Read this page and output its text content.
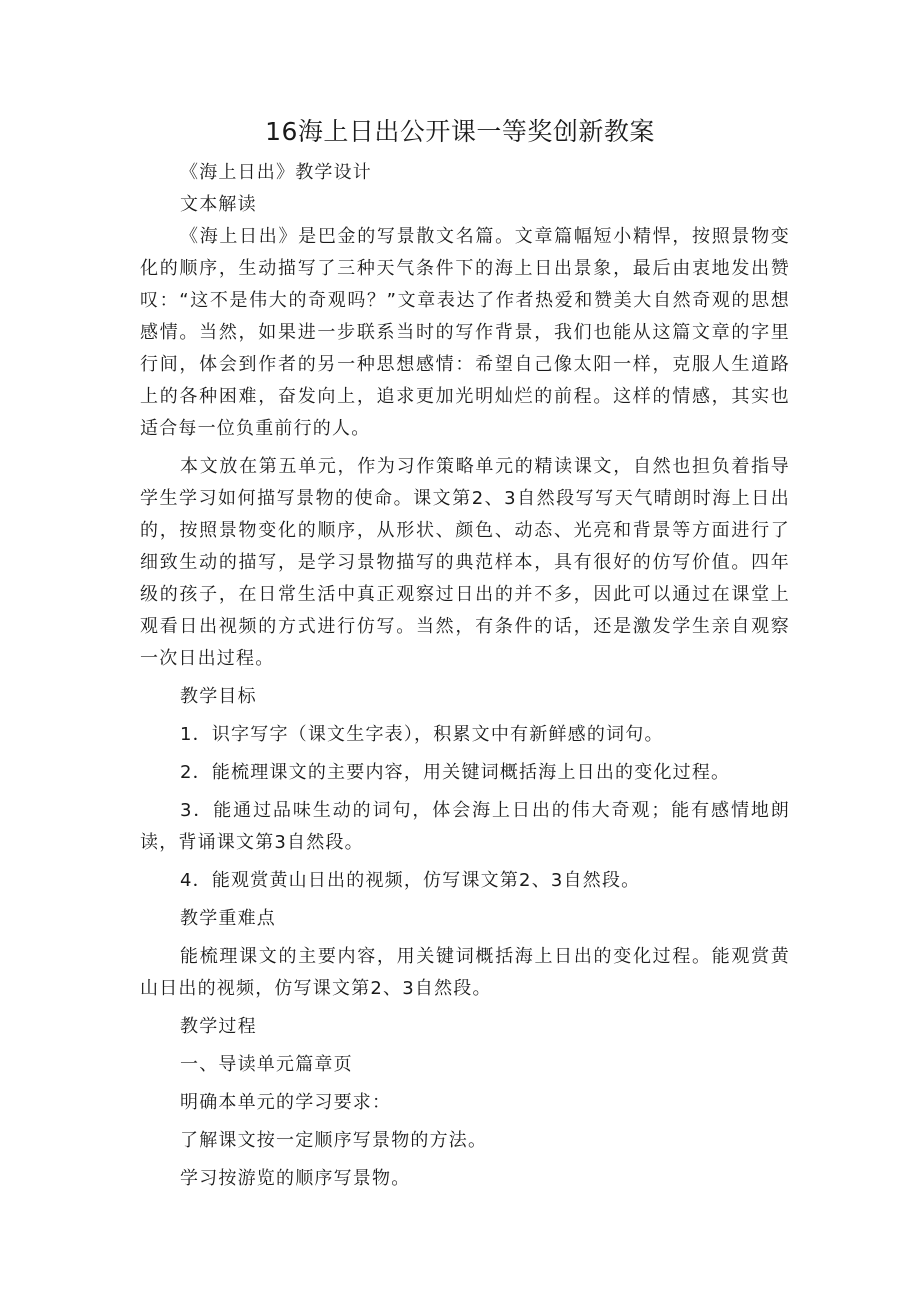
16海上日出公开课一等奖创新教案

《海上日出》教学设计

文本解读

《海上日出》是巴金的写景散文名篇。文章篇幅短小精悍，按照景物变化的顺序，生动描写了三种天气条件下的海上日出景象，最后由衷地发出赞叹：“这不是伟大的奇观吗？”文章表达了作者热爱和赞美大自然奇观的思想感情。当然，如果进一步联系当时的写作背景，我们也能从这篇文章的字里行间，体会到作者的另一种思想感情：希望自己像太阳一样，克服人生道路上的各种困难，奋发向上，追求更加光明灿烂的前程。这样的情感，其实也适合每一位负重前行的人。

本文放在第五单元，作为习作策略单元的精读课文，自然也担负着指导学生学习如何描写景物的使命。课文第2、3自然段写写天气晴朗时海上日出的，按照景物变化的顺序，从形状、颜色、动态、光亮和背景等方面进行了细致生动的描写，是学习景物描写的典范样本，具有很好的仿写价值。四年级的孩子，在日常生活中真正观察过日出的并不多，因此可以通过在课堂上观看日出视频的方式进行仿写。当然，有条件的话，还是激发学生亲自观察一次日出过程。

教学目标

1．识字写字（课文生字表），积累文中有新鲜感的词句。

2．能梳理课文的主要内容，用关键词概括海上日出的变化过程。

3．能通过品味生动的词句，体会海上日出的伟大奇观；能有感情地朗读，背诵课文第3自然段。

4．能观赏黄山日出的视频，仿写课文第2、3自然段。

教学重难点

能梳理课文的主要内容，用关键词概括海上日出的变化过程。能观赏黄山日出的视频，仿写课文第2、3自然段。

教学过程

一、导读单元篇章页

明确本单元的学习要求：

了解课文按一定顺序写景物的方法。

学习按游览的顺序写景物。
